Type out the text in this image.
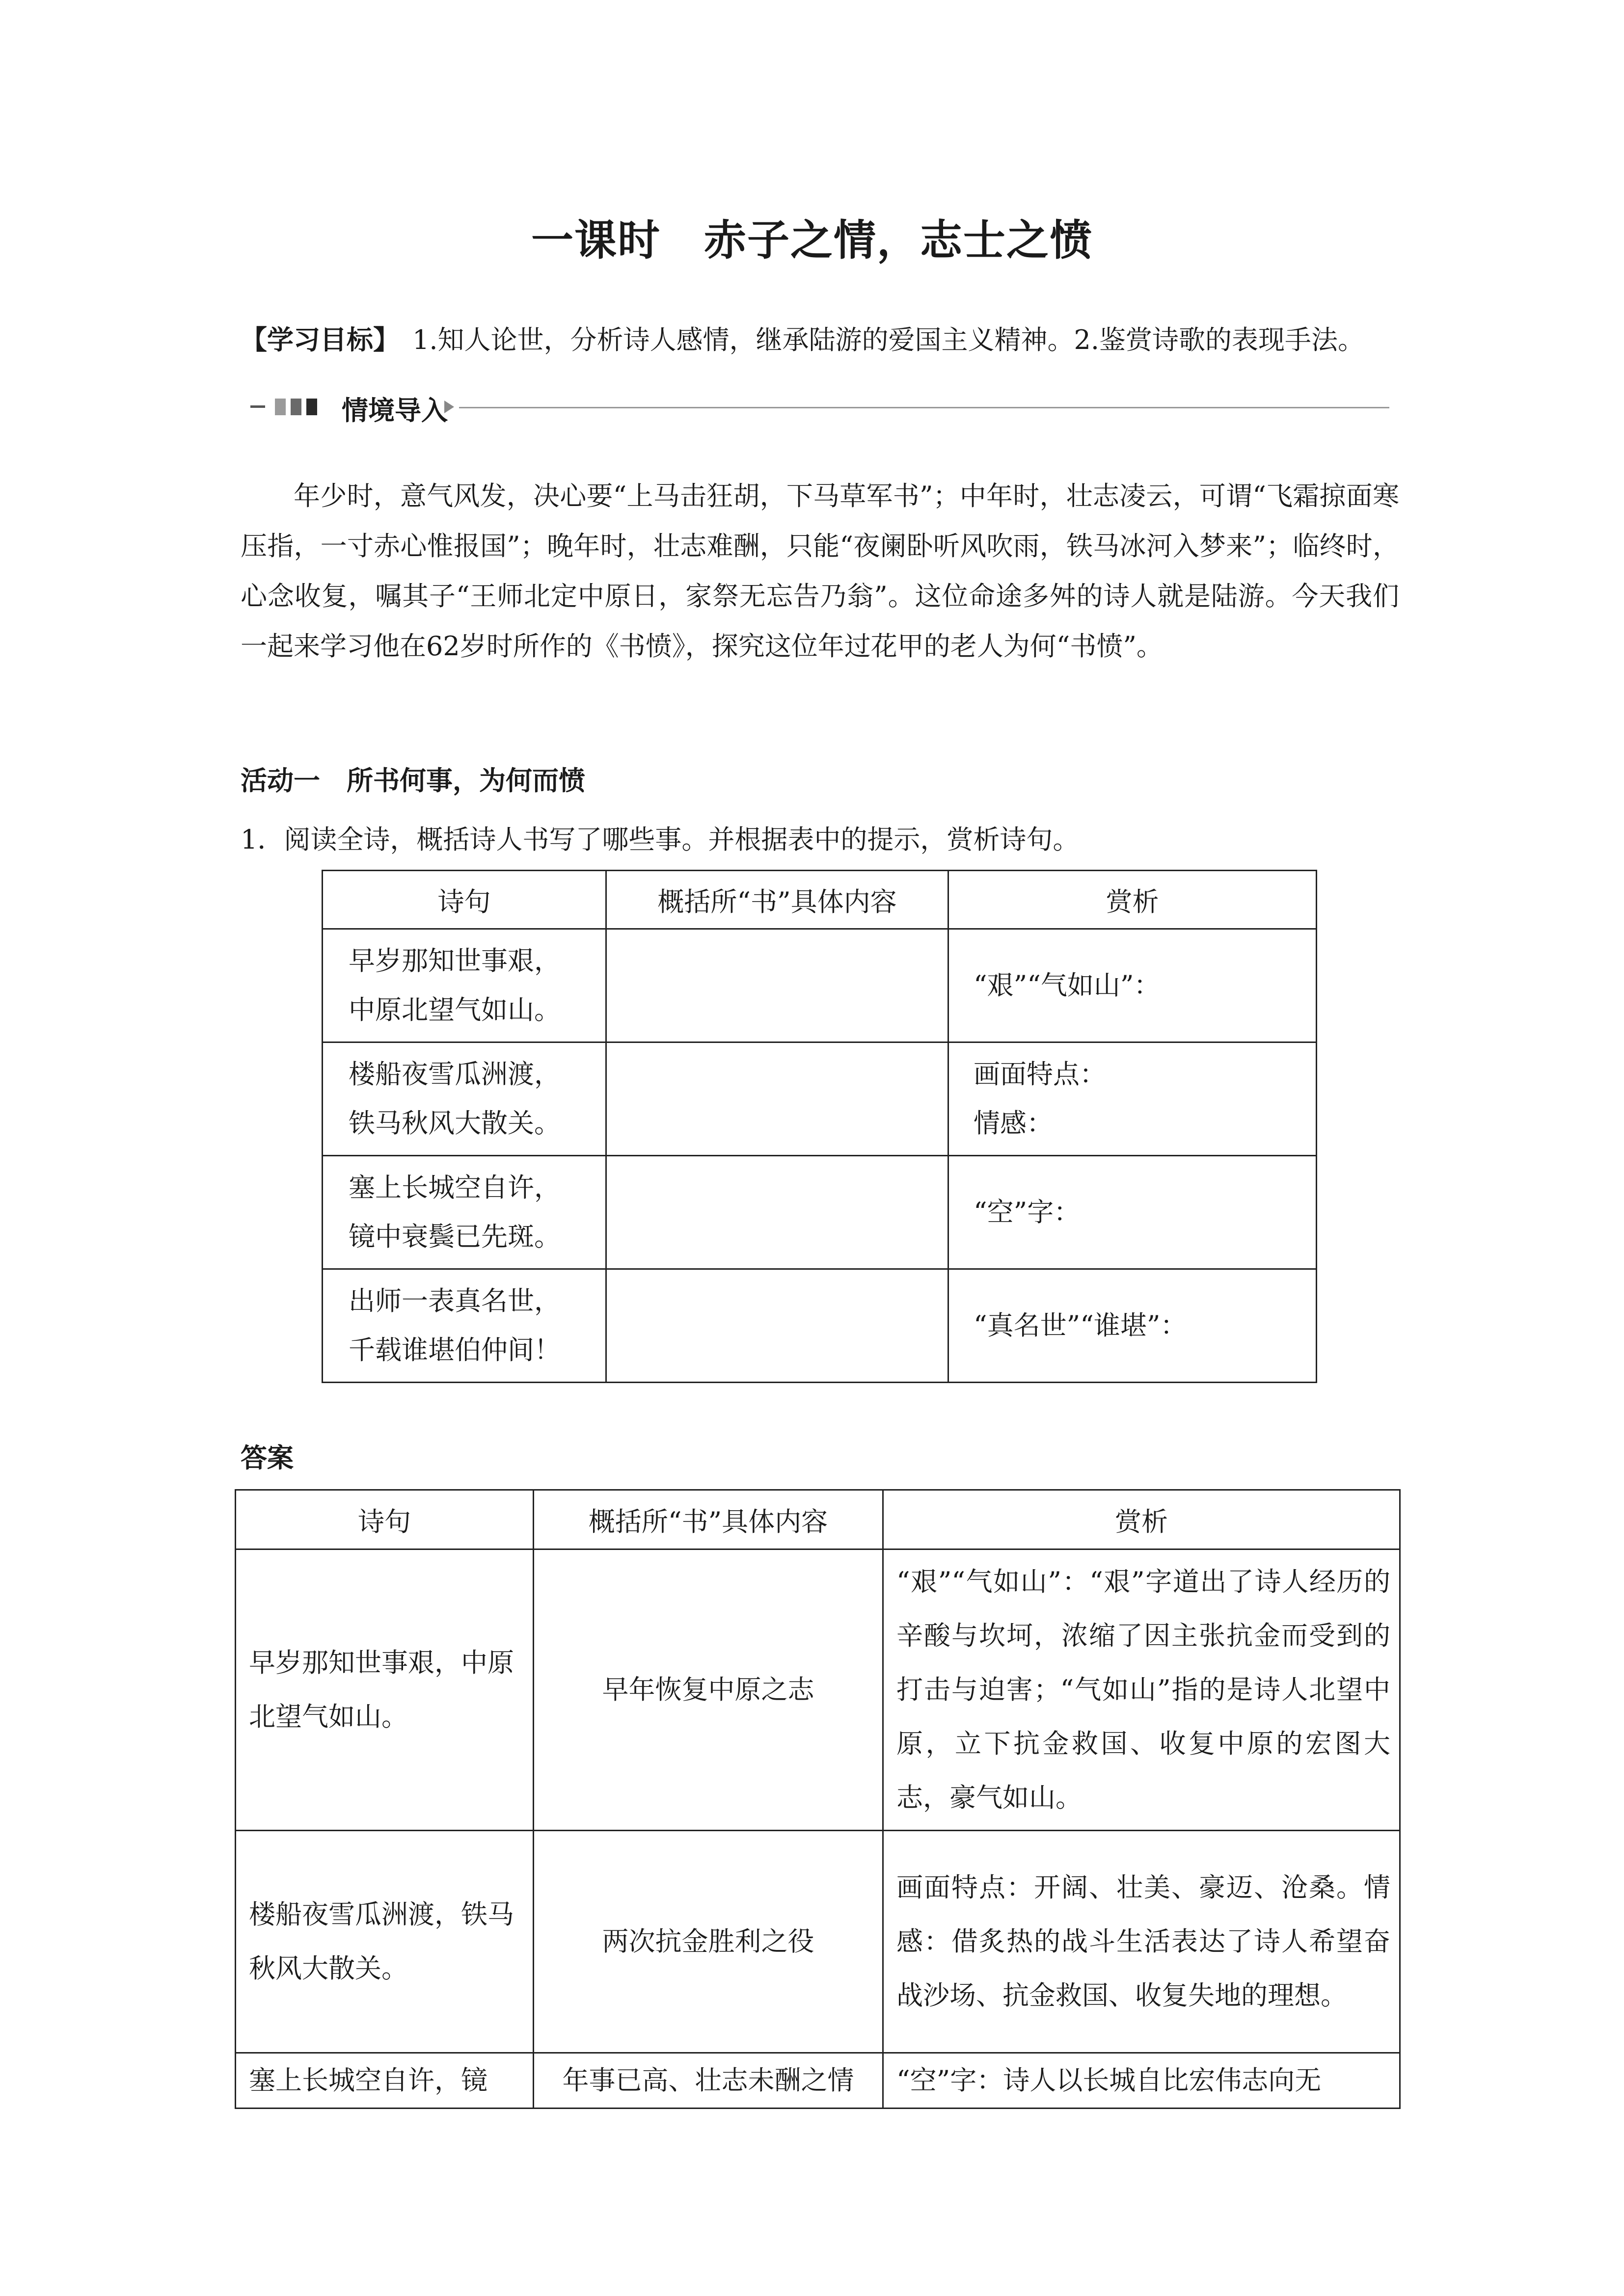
一课时　赤子之情，志士之愤
【学习目标】 1.知人论世，分析诗人感情，继承陆游的爱国主义精神。2.鉴赏诗歌的表现手法。
情境导入
年少时，意气风发，决心要“上马击狂胡，下马草军书”；中年时，壮志凌云，可谓“飞霜掠面寒压指，一寸赤心惟报国”；晚年时，壮志难酬，只能“夜阑卧听风吹雨，铁马冰河入梦来”；临终时，心念收复，嘱其子“王师北定中原日，家祭无忘告乃翁”。这位命途多舛的诗人就是陆游。今天我们一起来学习他在62岁时所作的《书愤》，探究这位年过花甲的老人为何“书愤”。
活动一　所书何事，为何而愤
1．阅读全诗，概括诗人书写了哪些事。并根据表中的提示，赏析诗句。
诗句	概括所“书”具体内容	赏析

早岁那知世事艰，
中原北望气如山。		“艰”“气如山”：

楼船夜雪瓜洲渡，
铁马秋风大散关。		画面特点：
情感：

塞上长城空自许，
镜中衰鬓已先斑。		“空”字：

出师一表真名世，
千载谁堪伯仲间！		“真名世”“谁堪”：
答案
诗句	概括所“书”具体内容	赏析
早岁那知世事艰，中原北望气如山。	早年恢复中原之志	“艰”“气如山”：“艰”字道出了诗人经历的辛酸与坎坷，浓缩了因主张抗金而受到的打击与迫害；“气如山”指的是诗人北望中原，立下抗金救国、收复中原的宏图大志，豪气如山。
楼船夜雪瓜洲渡，铁马秋风大散关。	两次抗金胜利之役	画面特点：开阔、壮美、豪迈、沧桑。情感：借炙热的战斗生活表达了诗人希望奋战沙场、抗金救国、收复失地的理想。
塞上长城空自许，镜	年事已高、壮志未酬之情	“空”字：诗人以长城自比宏伟志向无
